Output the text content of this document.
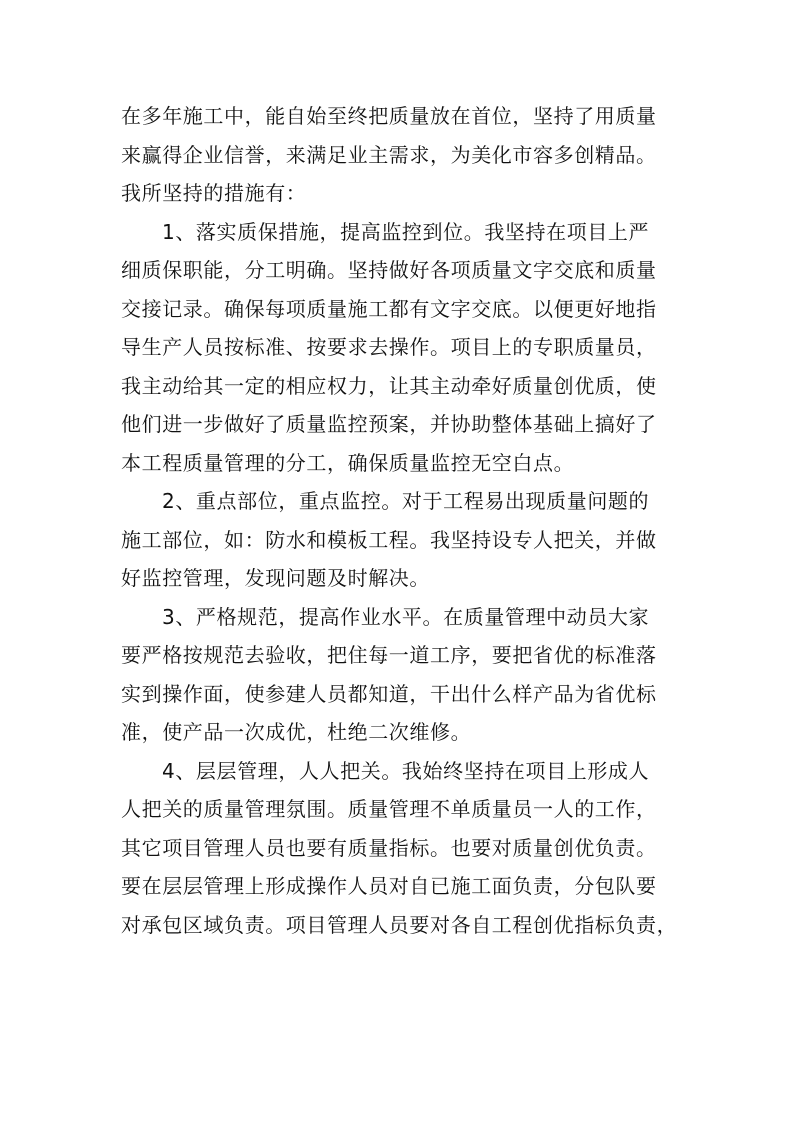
在多年施工中，能自始至终把质量放在首位，坚持了用质量
来赢得企业信誉，来满足业主需求，为美化市容多创精品。
我所坚持的措施有：
1、落实质保措施，提高监控到位。我坚持在项目上严
细质保职能，分工明确。坚持做好各项质量文字交底和质量
交接记录。确保每项质量施工都有文字交底。以便更好地指
导生产人员按标准、按要求去操作。项目上的专职质量员，
我主动给其一定的相应权力，让其主动牵好质量创优质，使
他们进一步做好了质量监控预案，并协助整体基础上搞好了
本工程质量管理的分工，确保质量监控无空白点。
2、重点部位，重点监控。对于工程易出现质量问题的
施工部位，如：防水和模板工程。我坚持设专人把关，并做
好监控管理，发现问题及时解决。
3、严格规范，提高作业水平。在质量管理中动员大家
要严格按规范去验收，把住每一道工序，要把省优的标准落
实到操作面，使参建人员都知道，干出什么样产品为省优标
准，使产品一次成优，杜绝二次维修。
4、层层管理，人人把关。我始终坚持在项目上形成人
人把关的质量管理氛围。质量管理不单质量员一人的工作，
其它项目管理人员也要有质量指标。也要对质量创优负责。
要在层层管理上形成操作人员对自已施工面负责，分包队要
对承包区域负责。项目管理人员要对各自工程创优指标负责，
